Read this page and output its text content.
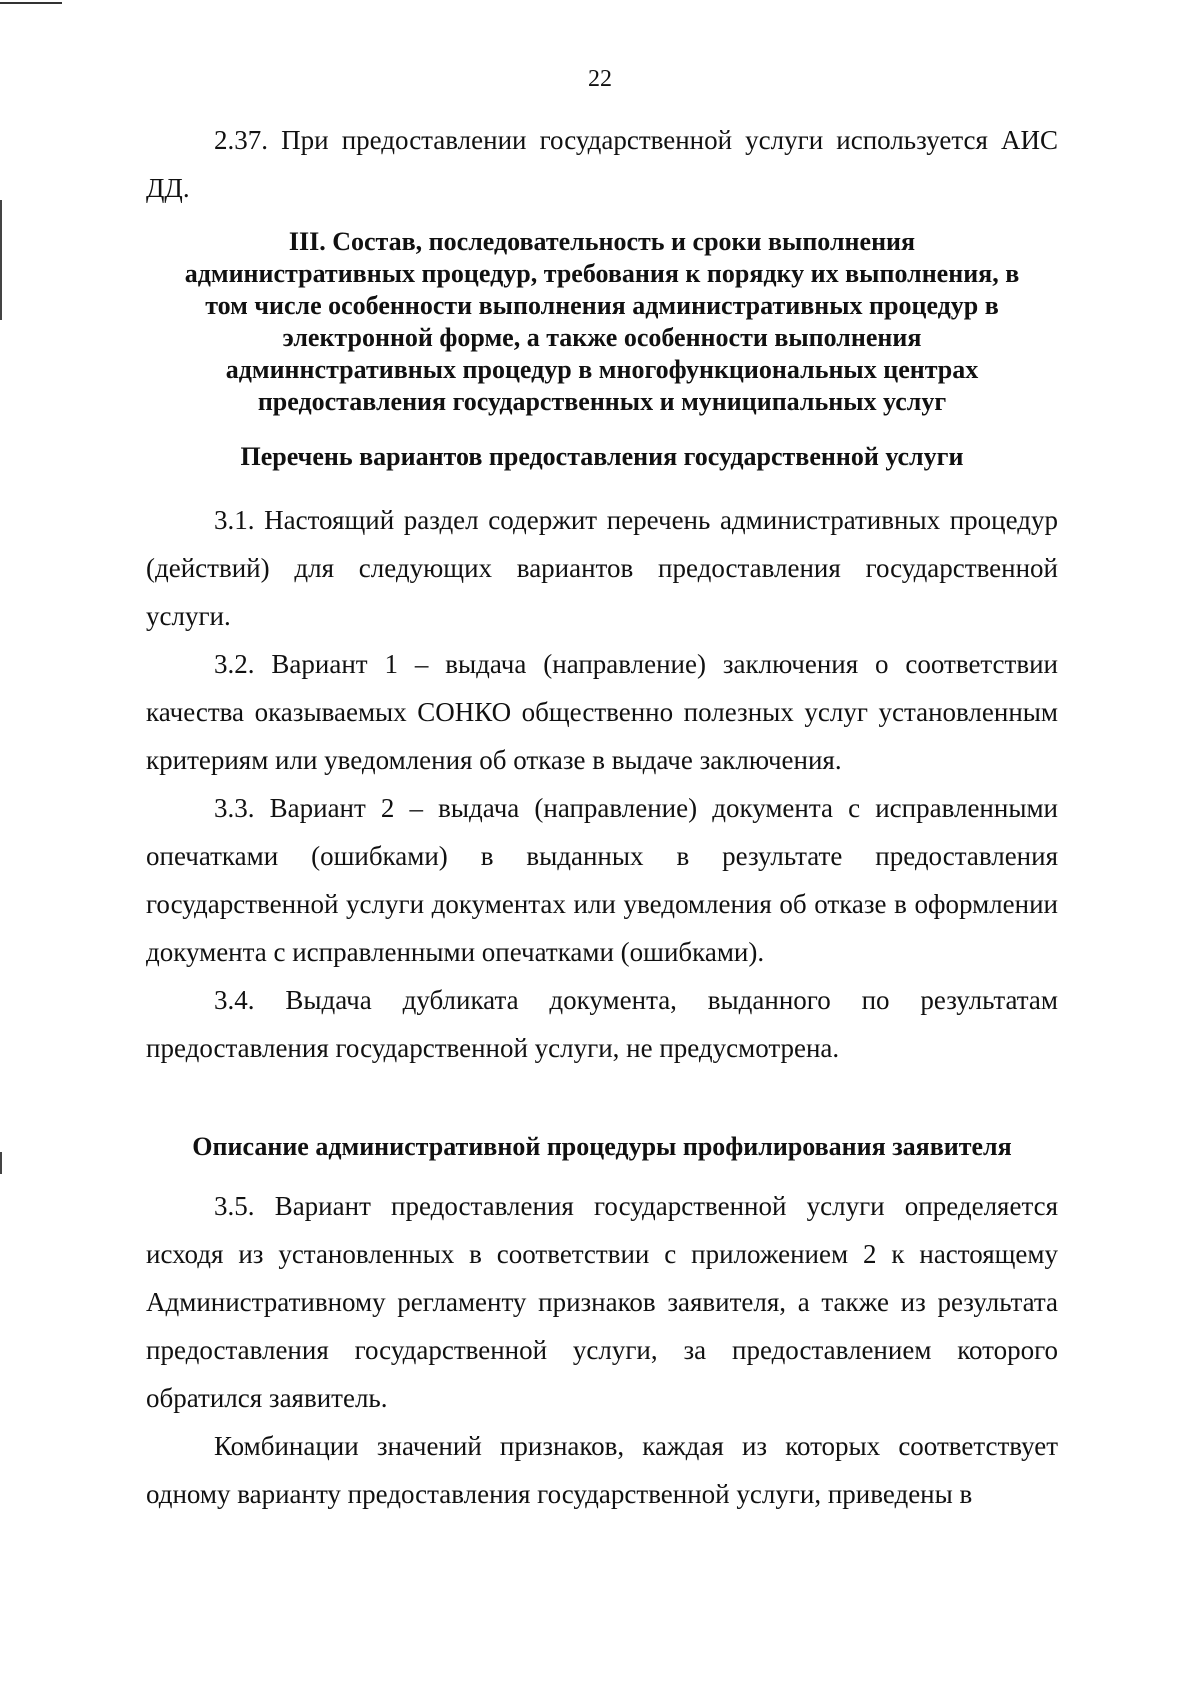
22

2.37. При предоставлении государственной услуги используется АИС ДД.

III. Состав, последовательность и сроки выполнения
административных процедур, требования к порядку их выполнения, в
том числе особенности выполнения административных процедур в
электронной форме, а также особенности выполнения
админнстративных процедур в многофункциональных центрах
предоставления государственных и муниципальных услуг
Перечень вариантов предоставления государственной услуги

3.1. Настоящий раздел содержит перечень административных процедур (действий) для следующих вариантов предоставления государственной услуги.

3.2. Вариант 1 – выдача (направление) заключения о соответствии качества оказываемых СОНКО общественно полезных услуг установленным критериям или уведомления об отказе в выдаче заключения.

3.3. Вариант 2 – выдача (направление) документа с исправленными опечатками (ошибками) в выданных в результате предоставления государственной услуги документах или уведомления об отказе в оформлении документа с исправленными опечатками (ошибками).

3.4. Выдача дубликата документа, выданного по результатам предоставления государственной услуги, не предусмотрена.

Описание административной процедуры профилирования заявителя

3.5. Вариант предоставления государственной услуги определяется исходя из установленных в соответствии с приложением 2 к настоящему Административному регламенту признаков заявителя, а также из результата предоставления государственной услуги, за предоставлением которого обратился заявитель.

Комбинации значений признаков, каждая из которых соответствует одному варианту предоставления государственной услуги, приведены в
